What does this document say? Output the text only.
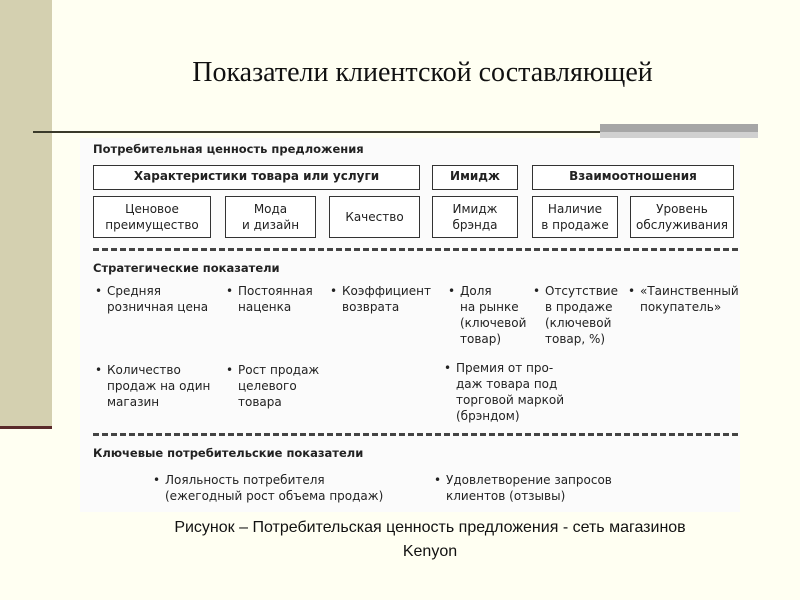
Показатели клиентской составляющей
Потребительная ценность предложения
Характеристики товара или услуги	Имидж	Взаимоотношения
Ценовое
преимущество
Мода
и дизайн
Качество
Имидж
брэнда
Наличие
в продаже
Уровень
обслуживания
Стратегические показатели
• Средняя
розничная цена
• Постоянная
наценка
• Коэффициент
возврата
• Доля
на рынке
(ключевой
товар)
• Отсутствие
в продаже
(ключевой
товар, %)
• «Таинственный
покупатель»
• Количество
продаж на один
магазин
• Рост продаж
целевого
товара
• Премия от про-
даж товара под
торговой маркой
(брэндом)
Ключевые потребительские показатели
• Лояльность потребителя
(ежегодный рост объема продаж)
• Удовлетворение запросов
клиентов (отзывы)
Рисунок – Потребительская ценность предложения - сеть магазинов
Kenyon
